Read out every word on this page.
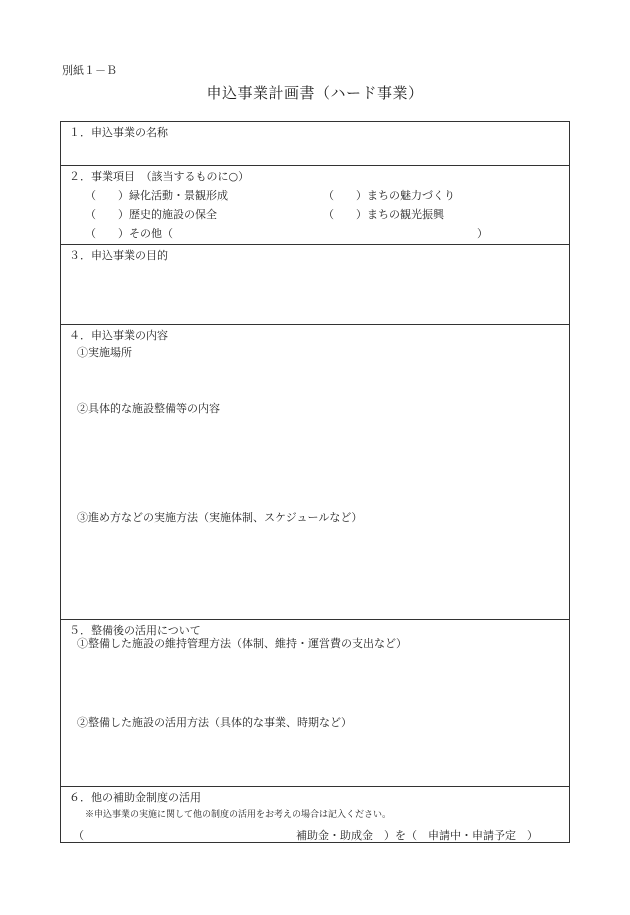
別紙１－Ｂ
申込事業計画書（ハード事業）
１．申込事業の名称
２．事業項目　（該当するものに○）
（　　）緑化活動・景観形成	（　　）まちの魅力づくり
（　　）歴史的施設の保全	（　　）まちの観光振興
（　　）その他（	）
３．申込事業の目的
４．申込事業の内容
①実施場所
②具体的な施設整備等の内容
③進め方などの実施方法（実施体制、スケジュールなど）
５．整備後の活用について
①整備した施設の維持管理方法（体制、維持・運営費の支出など）
②整備した施設の活用方法（具体的な事業、時期など）
６．他の補助金制度の活用
※申込事業の実施に関して他の制度の活用をお考えの場合は記入ください。
（	補助金・助成金　）を（　申請中・申請予定　）
